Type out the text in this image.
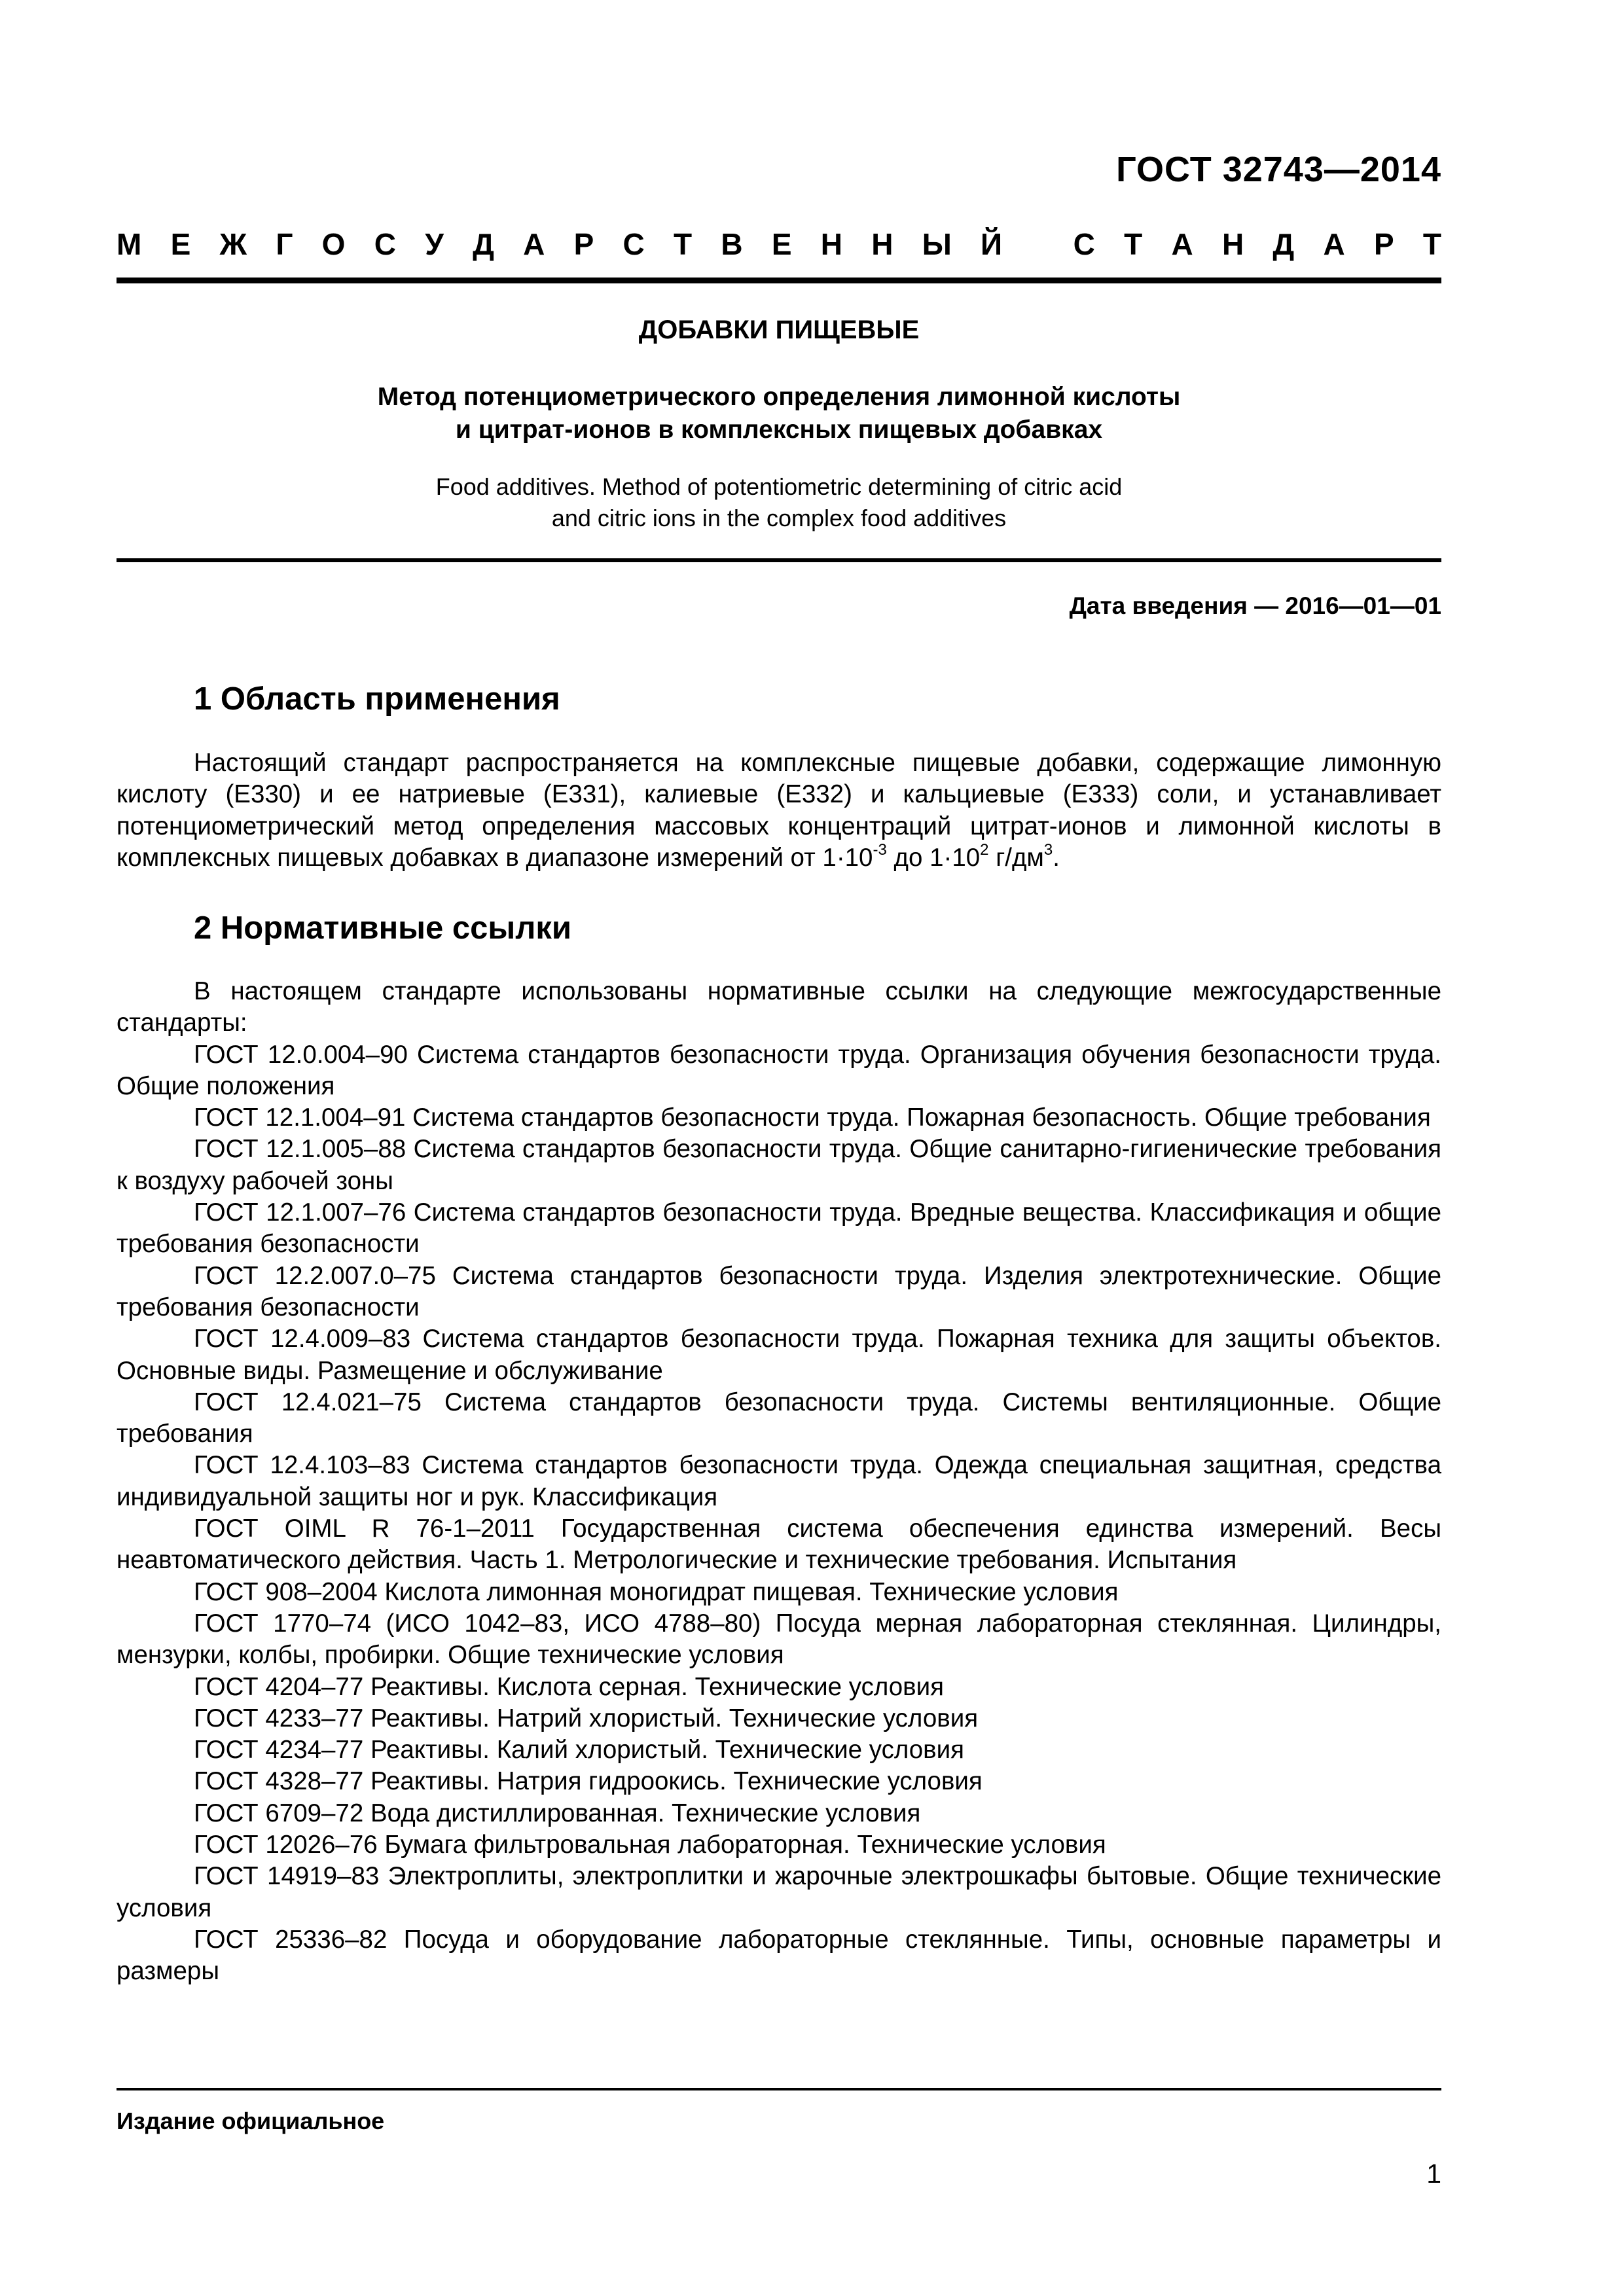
ГОСТ 32743—2014
М Е Ж Г О С У Д А Р С Т В Е Н Н Ы Й С Т А Н Д А Р Т
ДОБАВКИ ПИЩЕВЫЕ
Метод потенциометрического определения лимонной кислоты
и цитрат-ионов в комплексных пищевых добавках
Food additives. Method of potentiometric determining of citric acid
and citric ions in the complex food additives
Дата введения — 2016—01—01
1 Область применения

Настоящий стандарт распространяется на комплексные пищевые добавки, содержащие лимонную кислоту (Е330) и ее натриевые (Е331), калиевые (Е332) и кальциевые (Е333) соли, и устанавливает потенциометрический метод определения массовых концентраций цитрат-ионов и лимонной кислоты в комплексных пищевых добавках в диапазоне измерений от $1\cdot 10^{-3}$ до $1\cdot 10^2$ $г/дм^3$.

2 Нормативные ссылки

В настоящем стандарте использованы нормативные ссылки на следующие межгосударственные стандарты:

ГОСТ 12.0.004–90 Система стандартов безопасности труда. Организация обучения безопасности труда. Общие положения

ГОСТ 12.1.004–91 Система стандартов безопасности труда. Пожарная безопасность. Общие требования

ГОСТ 12.1.005–88 Система стандартов безопасности труда. Общие санитарно-гигиенические требования к воздуху рабочей зоны

ГОСТ 12.1.007–76 Система стандартов безопасности труда. Вредные вещества. Классификация и общие требования безопасности

ГОСТ 12.2.007.0–75 Система стандартов безопасности труда. Изделия электротехнические. Общие требования безопасности

ГОСТ 12.4.009–83 Система стандартов безопасности труда. Пожарная техника для защиты объектов. Основные виды. Размещение и обслуживание

ГОСТ 12.4.021–75 Система стандартов безопасности труда. Системы вентиляционные. Общие требования

ГОСТ 12.4.103–83 Система стандартов безопасности труда. Одежда специальная защитная, средства индивидуальной защиты ног и рук. Классификация

ГОСТ OIML R 76-1–2011 Государственная система обеспечения единства измерений. Весы неавтоматического действия. Часть 1. Метрологические и технические требования. Испытания

ГОСТ 908–2004 Кислота лимонная моногидрат пищевая. Технические условия

ГОСТ 1770–74 (ИСО 1042–83, ИСО 4788–80) Посуда мерная лабораторная стеклянная. Цилиндры, мензурки, колбы, пробирки. Общие технические условия

ГОСТ 4204–77 Реактивы. Кислота серная. Технические условия

ГОСТ 4233–77 Реактивы. Натрий хлористый. Технические условия

ГОСТ 4234–77 Реактивы. Калий хлористый. Технические условия

ГОСТ 4328–77 Реактивы. Натрия гидроокись. Технические условия

ГОСТ 6709–72 Вода дистиллированная. Технические условия

ГОСТ 12026–76 Бумага фильтровальная лабораторная. Технические условия

ГОСТ 14919–83 Электроплиты, электроплитки и жарочные электрошкафы бытовые. Общие технические условия

ГОСТ 25336–82 Посуда и оборудование лабораторные стеклянные. Типы, основные параметры и размеры

Издание официальное
1
